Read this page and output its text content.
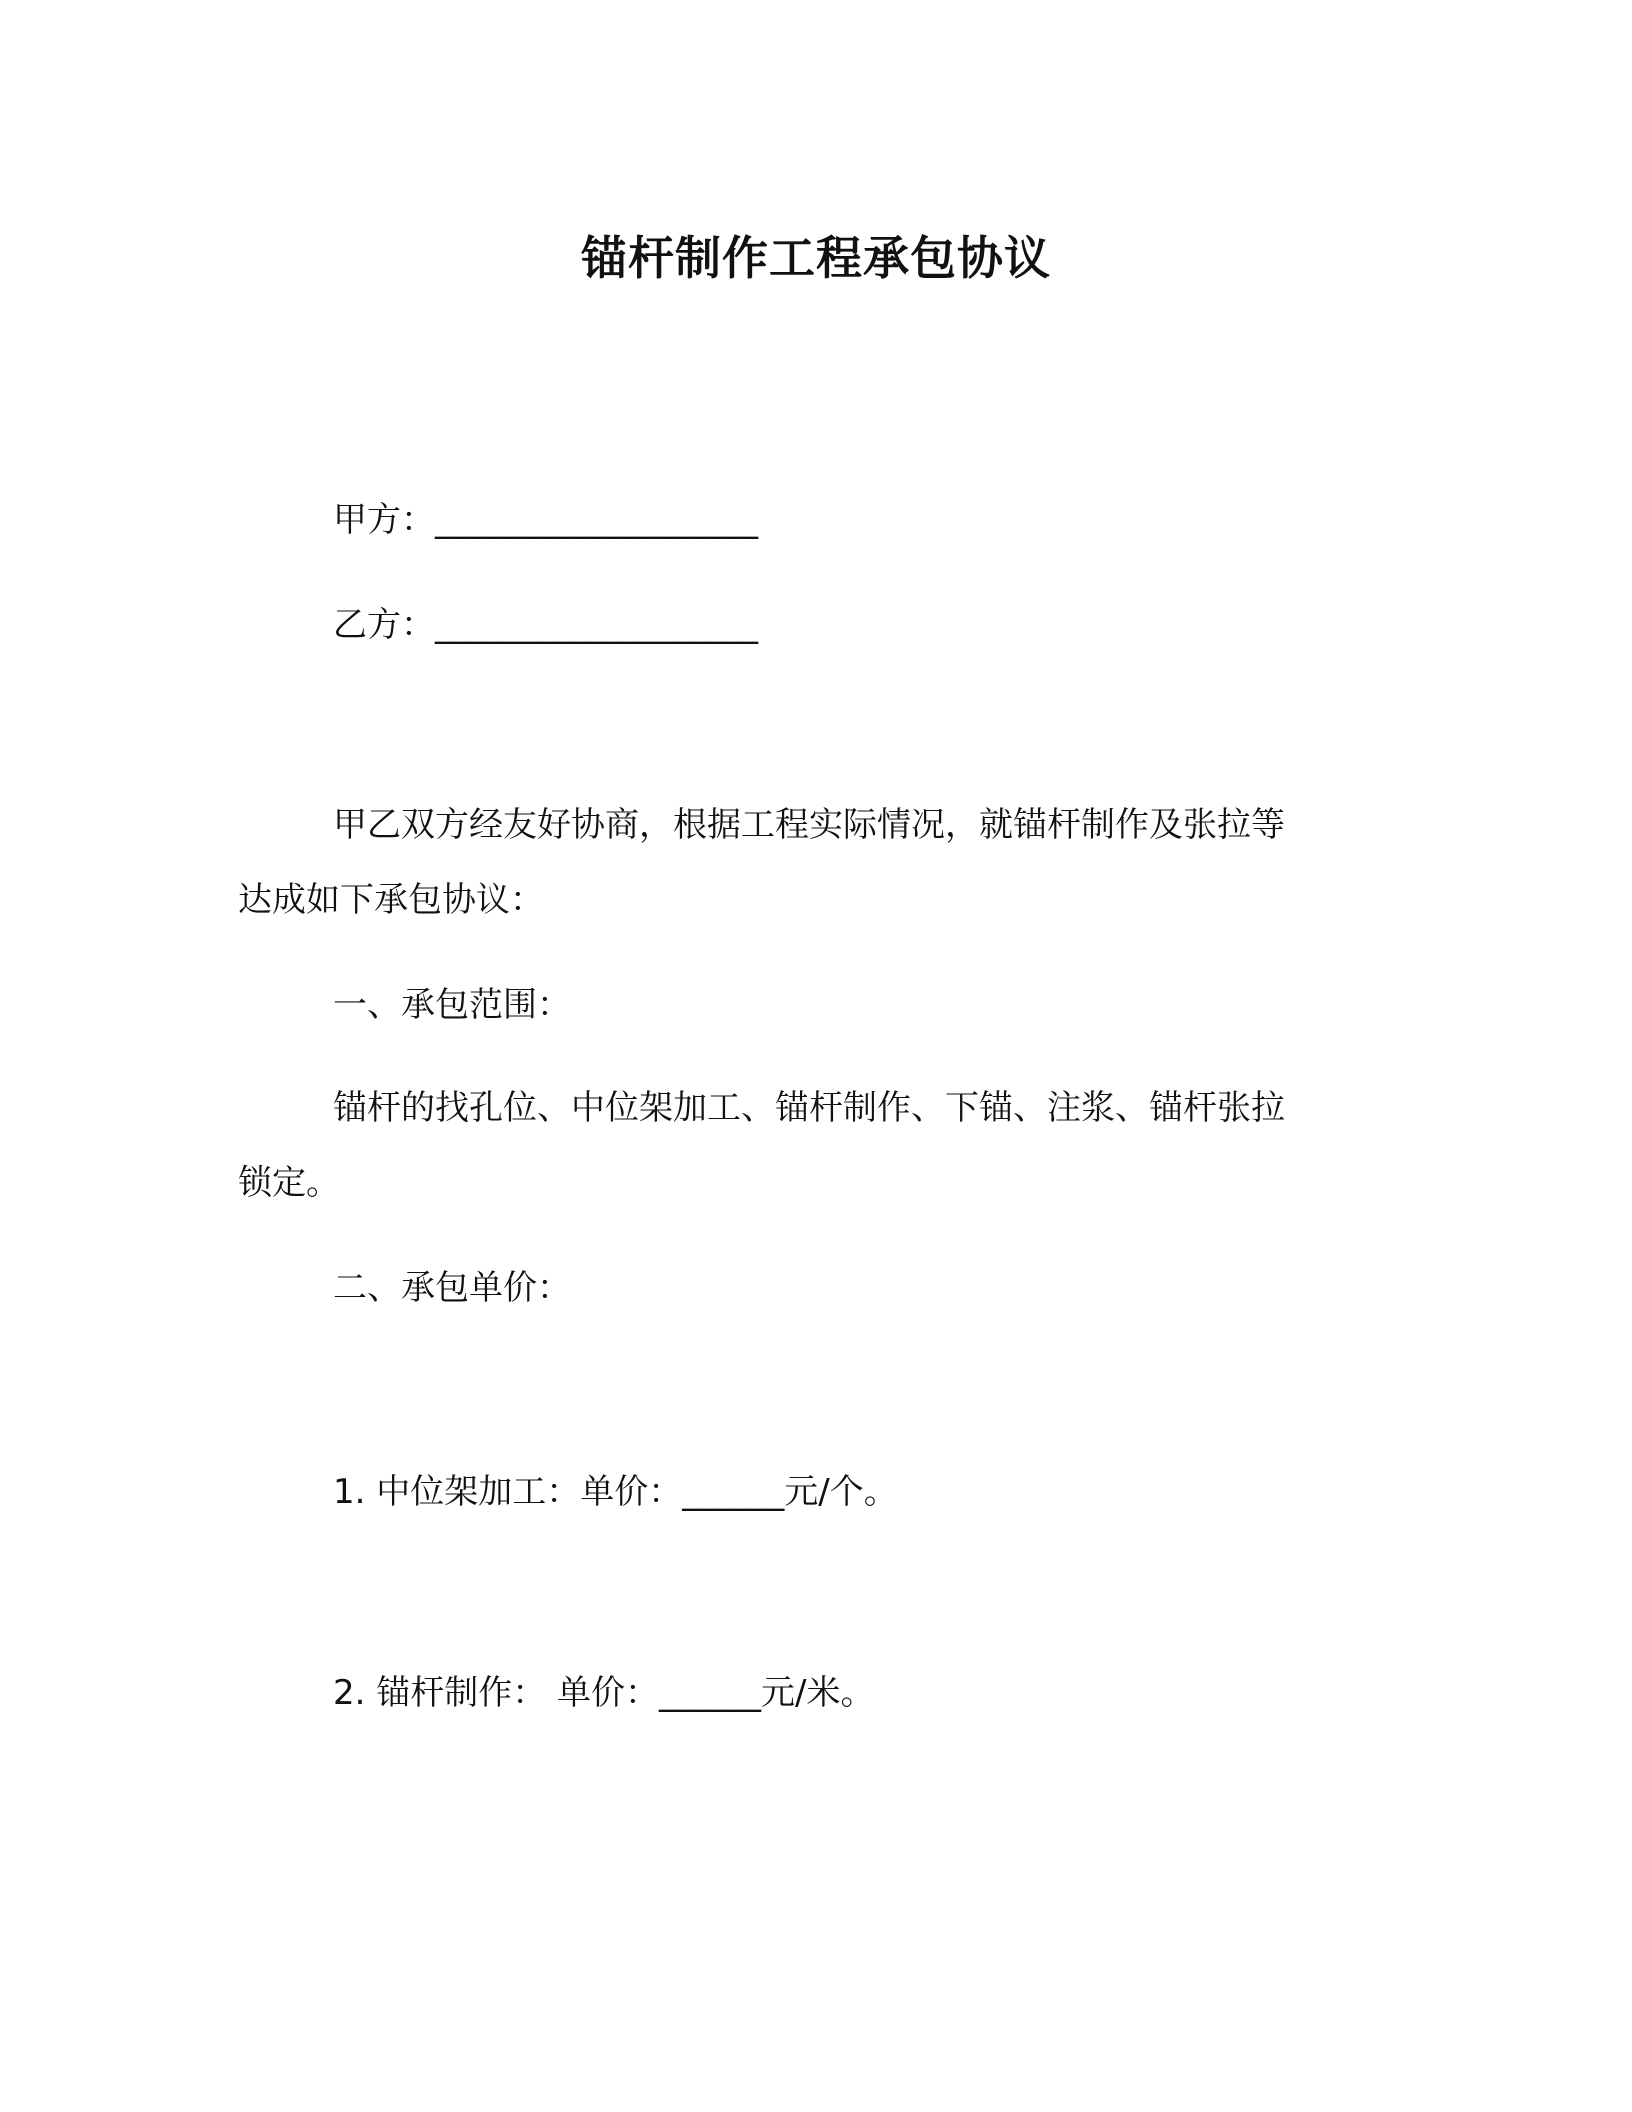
锚杆制作工程承包协议
甲方：___________________
乙方：___________________
甲乙双方经友好协商，根据工程实际情况，就锚杆制作及张拉等
达成如下承包协议：
一、承包范围：
锚杆的找孔位、中位架加工、锚杆制作、下锚、注浆、锚杆张拉
锁定。
二、承包单价：
1. 中位架加工：单价：______元/个。
2. 锚杆制作： 单价：______元/米。
